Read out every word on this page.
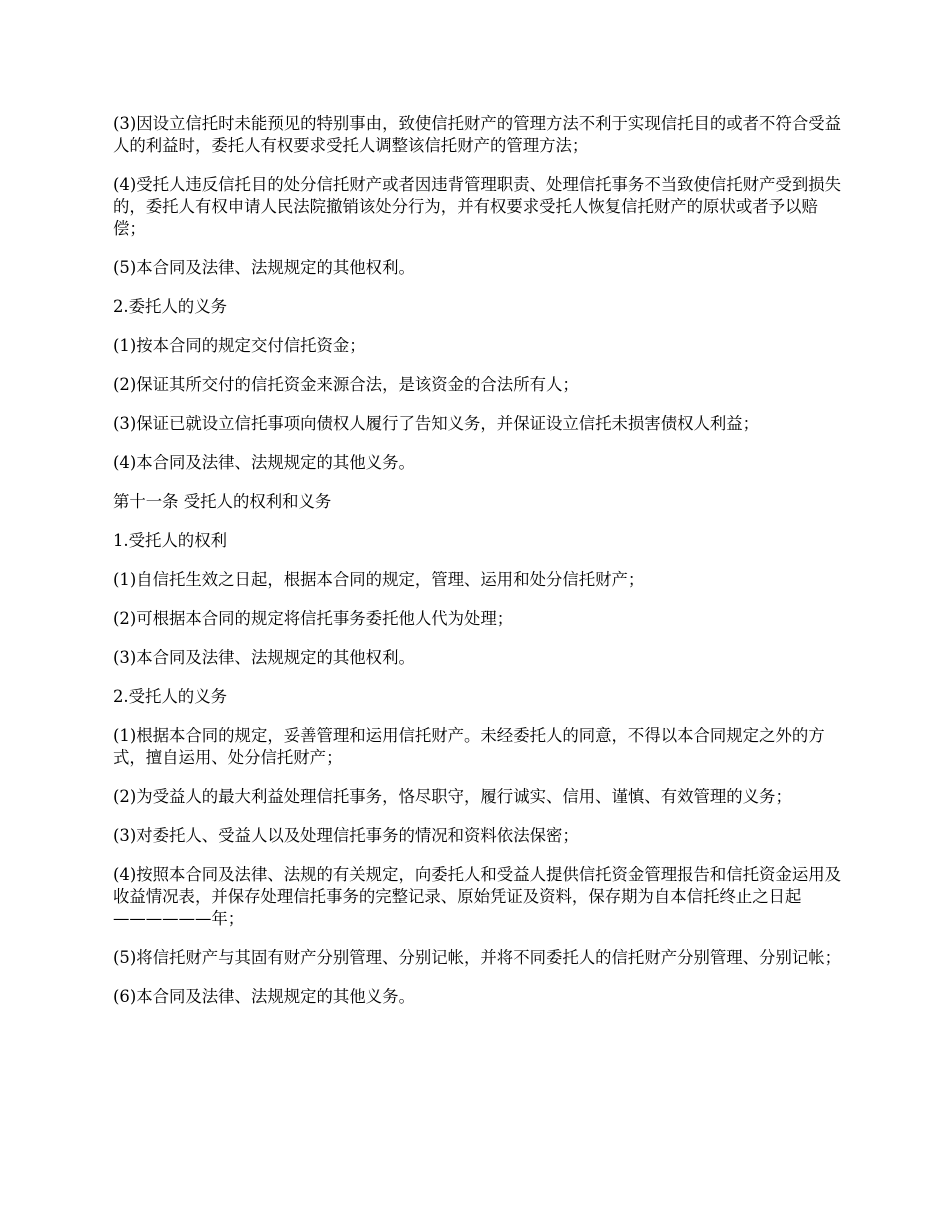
(3)因设立信托时未能预见的特别事由，致使信托财产的管理方法不利于实现信托目的或者不符合受益人的利益时，委托人有权要求受托人调整该信托财产的管理方法；

(4)受托人违反信托目的处分信托财产或者因违背管理职责、处理信托事务不当致使信托财产受到损失的，委托人有权申请人民法院撤销该处分行为，并有权要求受托人恢复信托财产的原状或者予以赔偿；

(5)本合同及法律、法规规定的其他权利。

2.委托人的义务

(1)按本合同的规定交付信托资金；

(2)保证其所交付的信托资金来源合法，是该资金的合法所有人；

(3)保证已就设立信托事项向债权人履行了告知义务，并保证设立信托未损害债权人利益；

(4)本合同及法律、法规规定的其他义务。

第十一条 受托人的权利和义务

1.受托人的权利

(1)自信托生效之日起，根据本合同的规定，管理、运用和处分信托财产；

(2)可根据本合同的规定将信托事务委托他人代为处理；

(3)本合同及法律、法规规定的其他权利。

2.受托人的义务

(1)根据本合同的规定，妥善管理和运用信托财产。未经委托人的同意，不得以本合同规定之外的方式，擅自运用、处分信托财产；

(2)为受益人的最大利益处理信托事务，恪尽职守，履行诚实、信用、谨慎、有效管理的义务；

(3)对委托人、受益人以及处理信托事务的情况和资料依法保密；

(4)按照本合同及法律、法规的有关规定，向委托人和受益人提供信托资金管理报告和信托资金运用及收益情况表，并保存处理信托事务的完整记录、原始凭证及资料，保存期为自本信托终止之日起——————年；

(5)将信托财产与其固有财产分别管理、分别记帐，并将不同委托人的信托财产分别管理、分别记帐；

(6)本合同及法律、法规规定的其他义务。
